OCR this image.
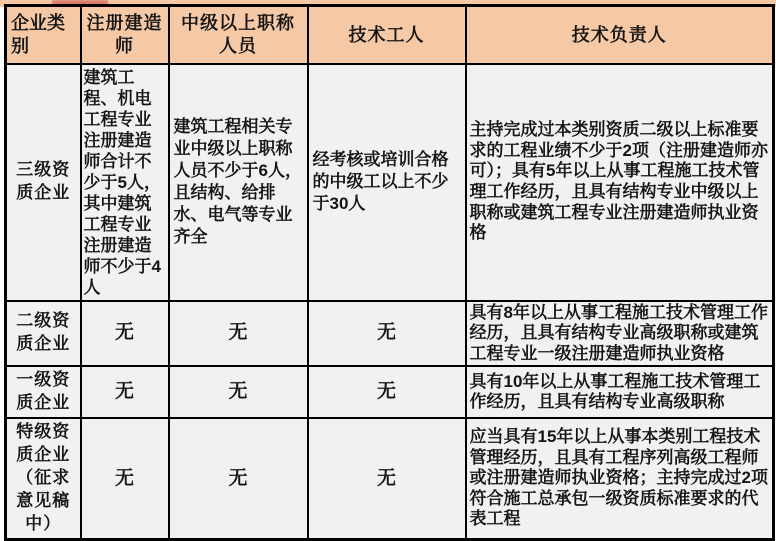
企业类别	注册建造师	中级以上职称人员	技术工人	技术负责人
三级资质企业	建筑工程、机电工程专业注册建造师合计不少于5人，其中建筑工程专业注册建造师不少于4人	建筑工程相关专业中级以上职称人员不少于6人，且结构、给排水、电气等专业齐全	经考核或培训合格的中级工以上不少于30人	主持完成过本类别资质二级以上标准要求的工程业绩不少于2项（注册建造师亦可）；具有5年以上从事工程施工技术管理工作经历，且具有结构专业中级以上职称或建筑工程专业注册建造师执业资格
二级资质企业	无	无	无	具有8年以上从事工程施工技术管理工作经历，且具有结构专业高级职称或建筑工程专业一级注册建造师执业资格
一级资质企业	无	无	无	具有10年以上从事工程施工技术管理工作经历，且具有结构专业高级职称
特级资质企业（征求意见稿中）	无	无	无	应当具有15年以上从事本类别工程技术管理经历，且具有工程序列高级工程师或注册建造师执业资格；主持完成过2项符合施工总承包一级资质标准要求的代表工程
